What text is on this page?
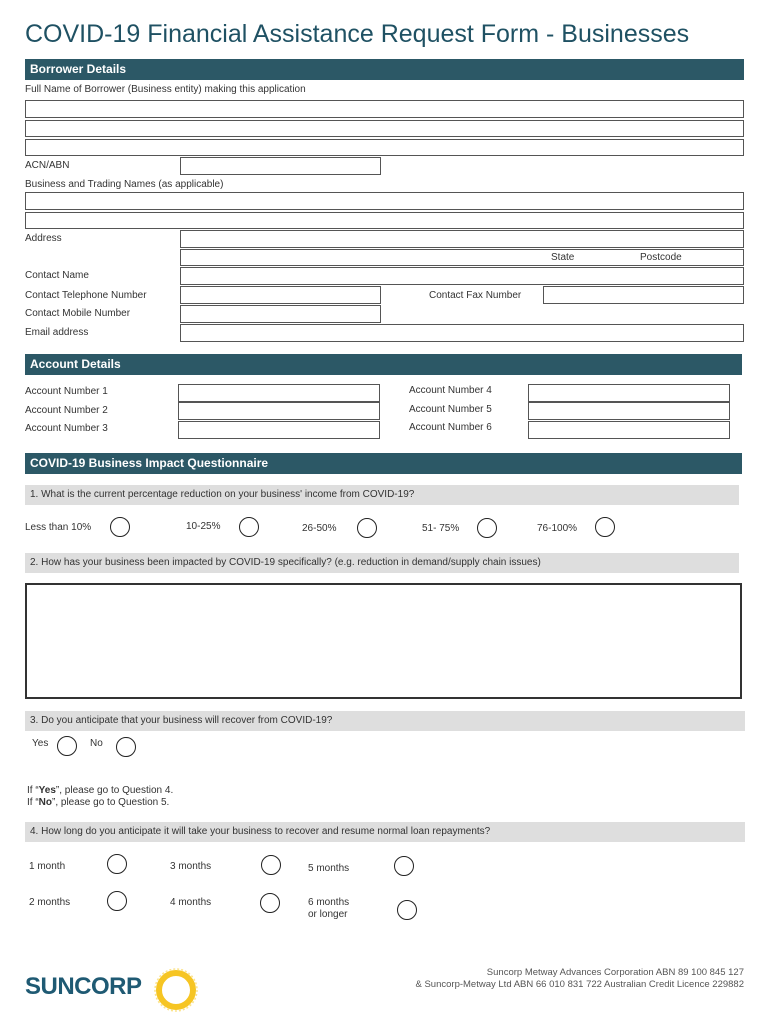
COVID-19 Financial Assistance Request Form - Businesses
Borrower Details
Full Name of Borrower (Business entity) making this application
ACN/ABN
Business and Trading Names (as applicable)
Address
State	Postcode
Contact Name
Contact Telephone Number	Contact Fax Number
Contact Mobile Number
Email address
Account Details
Account Number 1
Account Number 2
Account Number 3
Account Number 4
Account Number 5
Account Number 6
COVID-19 Business Impact Questionnaire
1. What is the current percentage reduction on your business' income from COVID-19?
Less than 10%	10-25%	26-50%	51- 75%	76-100%
2. How has your business been impacted by COVID-19 specifically? (e.g. reduction in demand/supply chain issues)
3. Do you anticipate that your business will recover from COVID-19?
Yes	No
If “Yes”, please go to Question 4.
If “No”, please go to Question 5.
4. How long do you anticipate it will take your business to recover and resume normal loan repayments?
1 month	3 months	5 months
2 months	4 months	6 months
or longer
SUNCORP
Suncorp Metway Advances Corporation ABN 89 100 845 127
& Suncorp-Metway Ltd ABN 66 010 831 722 Australian Credit Licence 229882
